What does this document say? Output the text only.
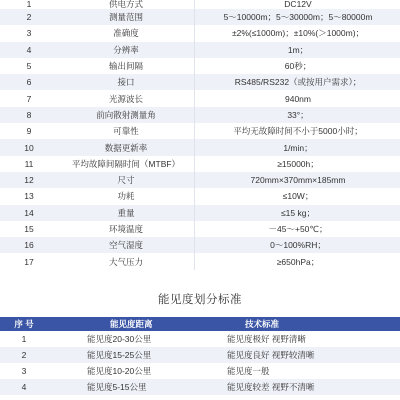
1	供电方式	DC12V
2	测量范围	5～10000m；5～30000m；5～80000m
3	准确度	±2%(≤1000m)；±10%(＞1000m)；
4	分辨率	1m；
5	输出间隔	60秒；
6	接口	RS485/RS232（或按用户需求）；
7	光源波长	940nm
8	前向散射测量角	33°；
9	可靠性	平均无故障时间不小于5000小时；
10	数据更新率	1/min；
11	平均故障间隔时间（MTBF）	≥15000h；
12	尺寸	720mm×370mm×185mm
13	功耗	≤10W；
14	重量	≤15 kg；
15	环境温度	－45～+50℃；
16	空气湿度	0～100%RH；
17	大气压力	≥650hPa；
能见度划分标准
序 号	能见度距离	技术标准
1	能见度20-30公里	能见度极好 视野清晰
2	能见度15-25公里	能见度良好 视野较清晰
3	能见度10-20公里	能见度一般
4	能见度5-15公里	能见度较差 视野不清晰
